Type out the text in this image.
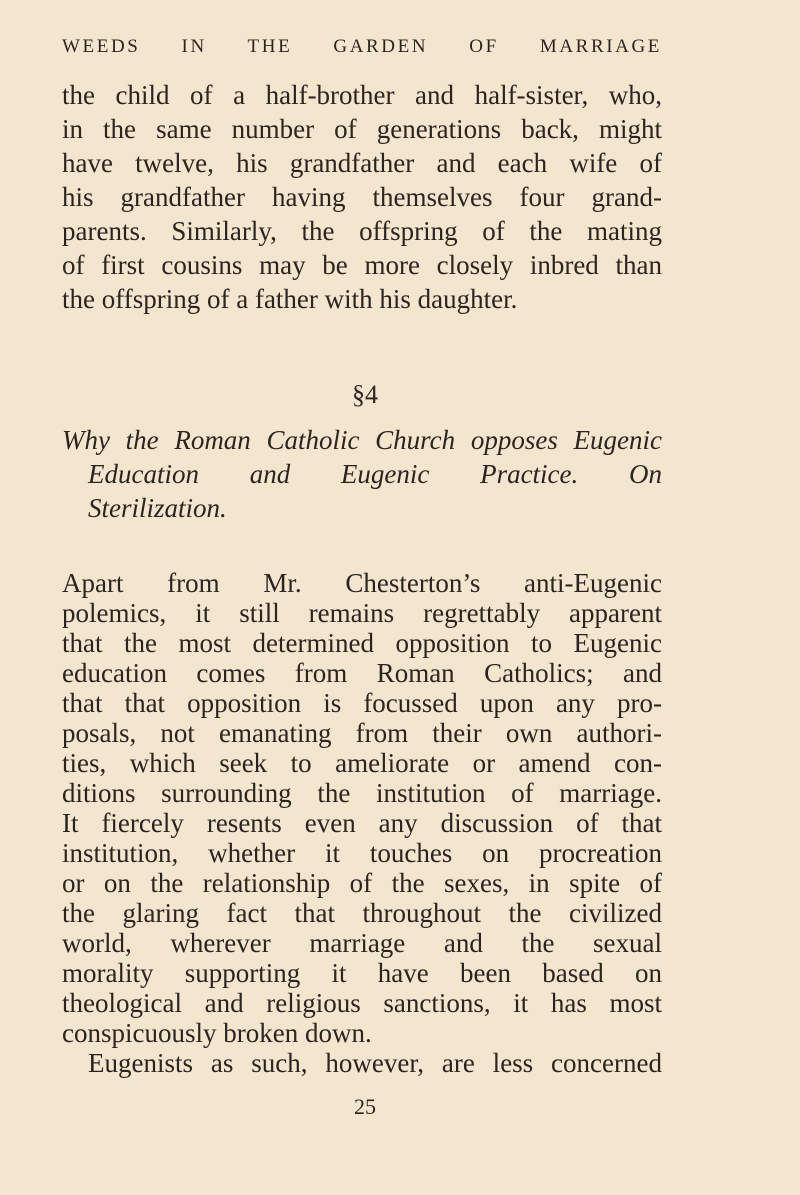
WEEDS IN THE GARDEN OF MARRIAGE
the child of a half-brother and half-sister, who,
in the same number of generations back, might
have twelve, his grandfather and each wife of
his grandfather having themselves four grand-
parents. Similarly, the offspring of the mating
of first cousins may be more closely inbred than
the offspring of a father with his daughter.
§4
Why the Roman Catholic Church opposes Eugenic
Education and Eugenic Practice. On
Sterilization.
Apart from Mr. Chesterton’s anti-Eugenic
polemics, it still remains regrettably apparent
that the most determined opposition to Eugenic
education comes from Roman Catholics; and
that that opposition is focussed upon any pro-
posals, not emanating from their own authori-
ties, which seek to ameliorate or amend con-
ditions surrounding the institution of marriage.
It fiercely resents even any discussion of that
institution, whether it touches on procreation
or on the relationship of the sexes, in spite of
the glaring fact that throughout the civilized
world, wherever marriage and the sexual
morality supporting it have been based on
theological and religious sanctions, it has most
conspicuously broken down.
Eugenists as such, however, are less concerned
25
